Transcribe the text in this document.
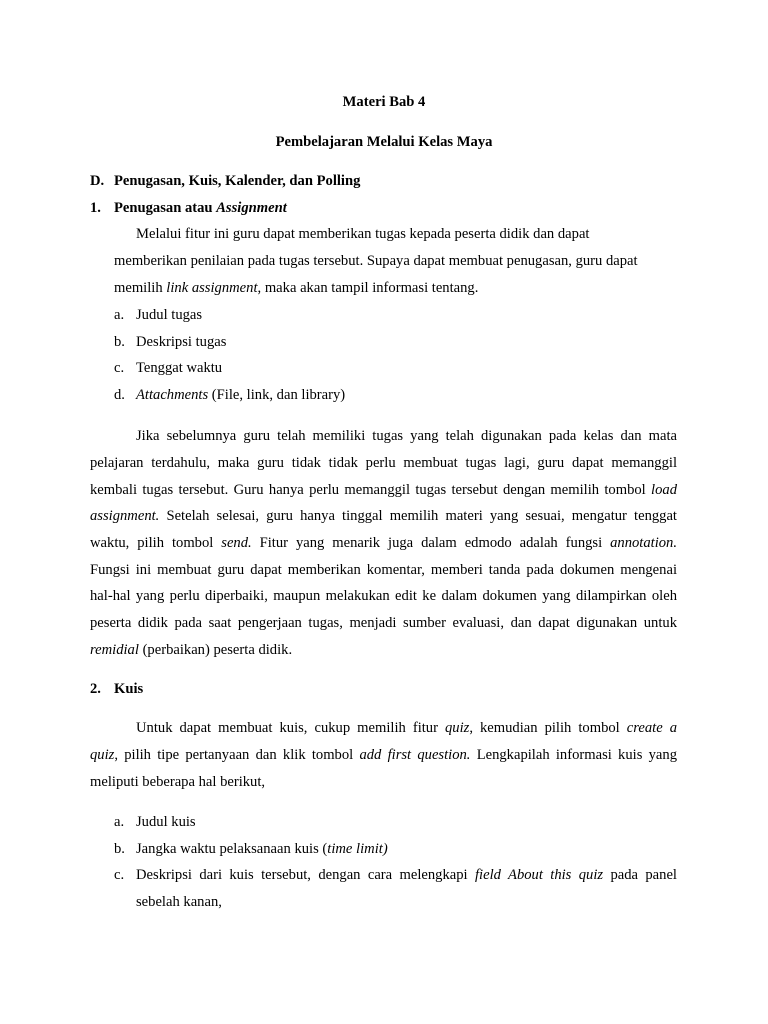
Materi Bab 4
Pembelajaran Melalui Kelas Maya
D. Penugasan, Kuis, Kalender, dan Polling
1. Penugasan atau Assignment
Melalui fitur ini guru dapat memberikan tugas kepada peserta didik dan dapat
memberikan penilaian pada tugas tersebut. Supaya dapat membuat penugasan, guru dapat
memilih link assignment, maka akan tampil informasi tentang.
a. Judul tugas
b. Deskripsi tugas
c. Tenggat waktu
d. Attachments (File, link, dan library)
Jika sebelumnya guru telah memiliki tugas yang telah digunakan pada kelas dan mata
pelajaran terdahulu, maka guru tidak tidak perlu membuat tugas lagi, guru dapat memanggil
kembali tugas tersebut. Guru hanya perlu memanggil tugas tersebut dengan memilih tombol load
assignment. Setelah selesai, guru hanya tinggal memilih materi yang sesuai, mengatur tenggat
waktu, pilih tombol send. Fitur yang menarik juga dalam edmodo adalah fungsi annotation.
Fungsi ini membuat guru dapat memberikan komentar, memberi tanda pada dokumen mengenai
hal-hal yang perlu diperbaiki, maupun melakukan edit ke dalam dokumen yang dilampirkan oleh
peserta didik pada saat pengerjaan tugas, menjadi sumber evaluasi, dan dapat digunakan untuk
remidial (perbaikan) peserta didik.
2. Kuis
Untuk dapat membuat kuis, cukup memilih fitur quiz, kemudian pilih tombol create a
quiz, pilih tipe pertanyaan dan klik tombol add first question. Lengkapilah informasi kuis yang
meliputi beberapa hal berikut,
a. Judul kuis
b. Jangka waktu pelaksanaan kuis (time limit)
c. Deskripsi dari kuis tersebut, dengan cara melengkapi field About this quiz pada panel
sebelah kanan,
